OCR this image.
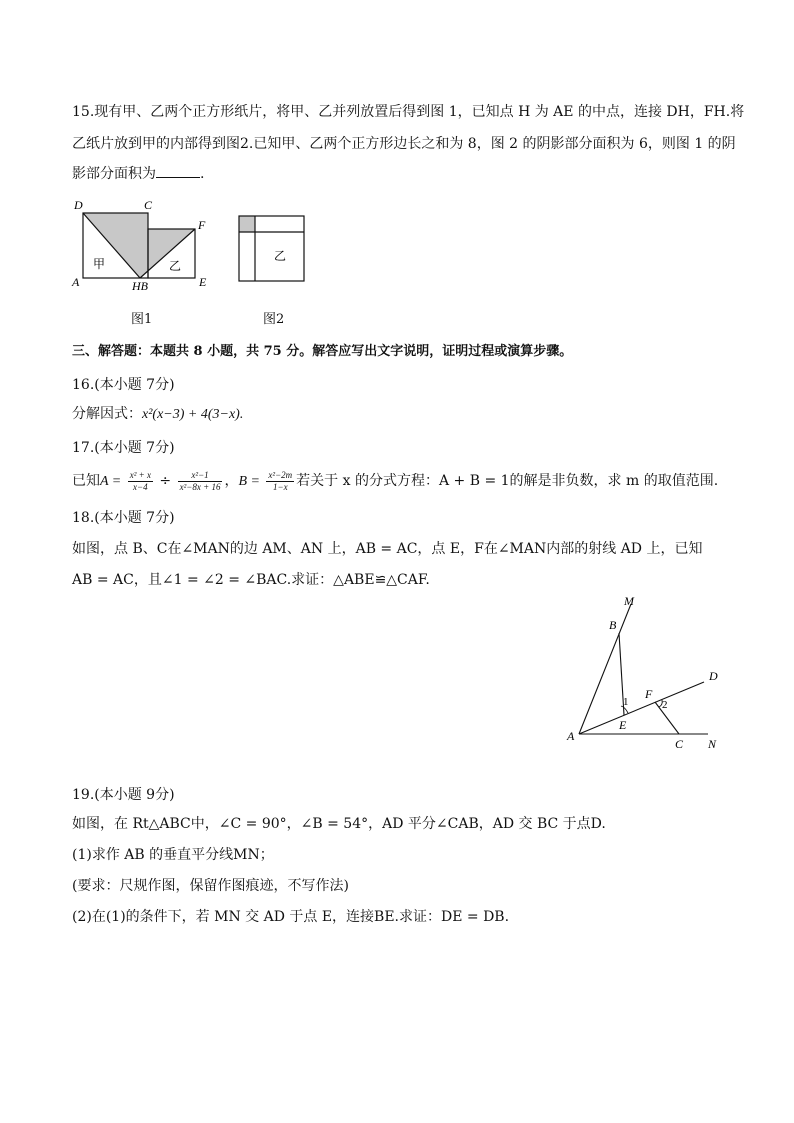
15.现有甲、乙两个正方形纸片，将甲、乙并列放置后得到图 1，已知点 H 为 AE 的中点，连接 DH，FH.将
乙纸片放到甲的内部得到图2.已知甲、乙两个正方形边长之和为 8，图 2 的阴影部分面积为 6，则图 1 的阴
影部分面积为	.
D	C
F
A	HB	E
甲	乙
图1
乙
图2
三、解答题：本题共 8 小题，共 75 分。解答应写出文字说明，证明过程或演算步骤。
16.(本小题 7分)
分解因式：x²(x−3) + 4(3−x).
17.(本小题 7分)
已知$A = \frac{\text{x² + x}}{x-4} \div \frac{\text{x²−1}}{\text{x²−8x + 16}}$ ，$B = \frac{\text{x²−2m}}{1-x}$ 若关于 x 的分式方程：A + B = 1的解是非负数，求 m 的取值范围.
18.(本小题 7分)
如图，点 B、C在∠MAN的边 AM、AN 上，AB = AC，点 E，F在∠MAN内部的射线 AD 上，已知
AB = AC，且∠1 = ∠2 = ∠BAC.求证：△ABE≌△CAF.
M
B
D
F
1	2
E
A
C N
19.(本小题 9分)
如图，在 Rt△ABC中，∠C = 90°，∠B = 54°，AD 平分∠CAB，AD 交 BC 于点D.
(1)求作 AB 的垂直平分线MN；
(要求：尺规作图，保留作图痕迹，不写作法)
(2)在(1)的条件下，若 MN 交 AD 于点 E，连接BE.求证：DE = DB.
